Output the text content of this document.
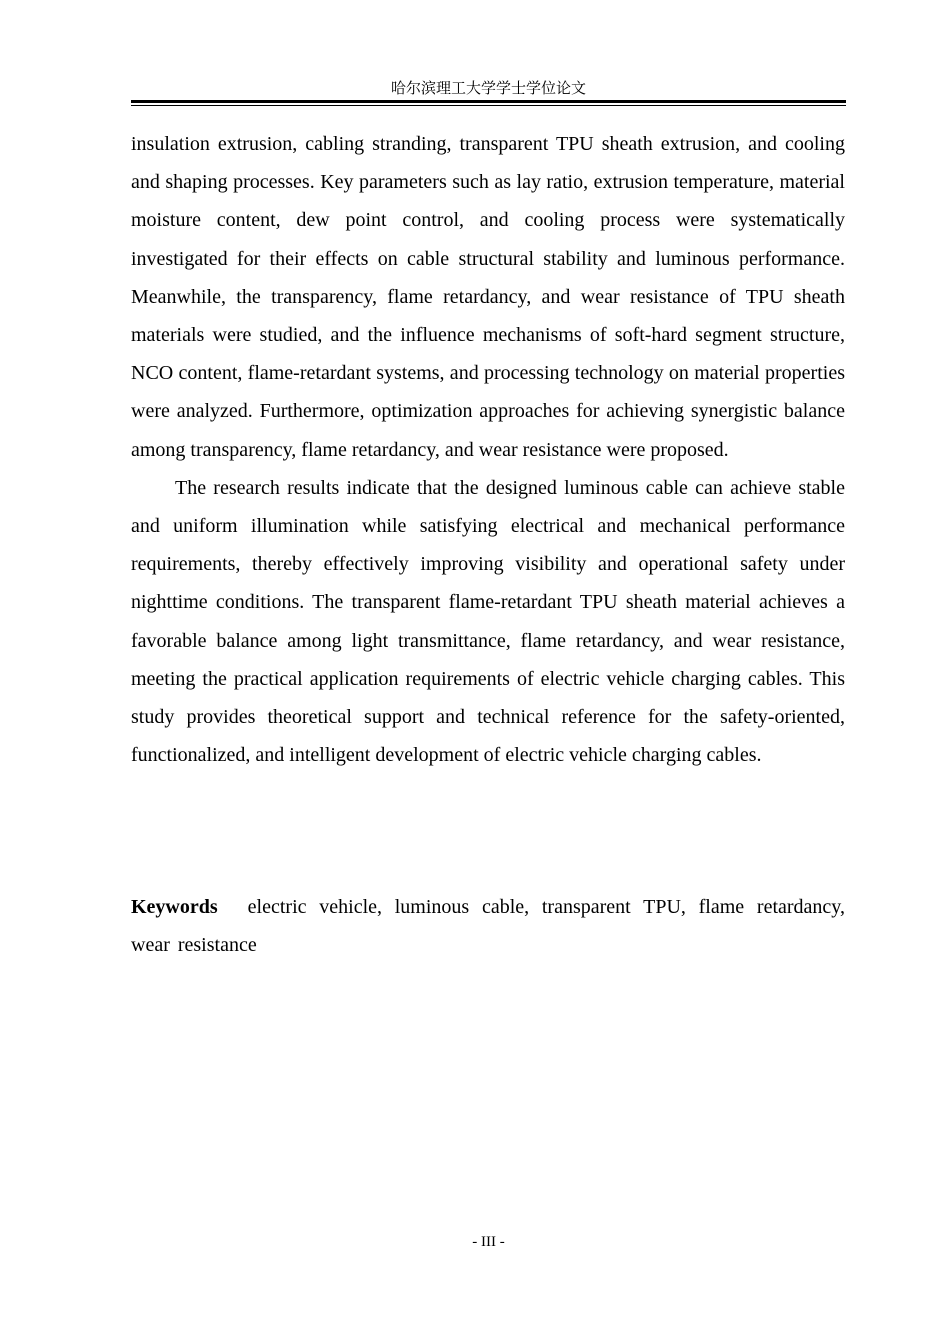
哈尔滨理工大学学士学位论文

insulation extrusion, cabling stranding, transparent TPU sheath extrusion, and cooling and shaping processes. Key parameters such as lay ratio, extrusion temperature, material moisture content, dew point control, and cooling process were systematically investigated for their effects on cable structural stability and luminous performance. Meanwhile, the transparency, flame retardancy, and wear resistance of TPU sheath materials were studied, and the influence mechanisms of soft-hard segment structure, NCO content, flame-retardant systems, and processing technology on material properties were analyzed. Furthermore, optimization approaches for achieving synergistic balance among transparency, flame retardancy, and wear resistance were proposed.

The research results indicate that the designed luminous cable can achieve stable and uniform illumination while satisfying electrical and mechanical performance requirements, thereby effectively improving visibility and operational safety under nighttime conditions. The transparent flame-retardant TPU sheath material achieves a favorable balance among light transmittance, flame retardancy, and wear resistance, meeting the practical application requirements of electric vehicle charging cables. This study provides theoretical support and technical reference for the safety-oriented, functionalized, and intelligent development of electric vehicle charging cables.

Keywords electric vehicle, luminous cable, transparent TPU, flame retardancy, wear resistance
- III -
